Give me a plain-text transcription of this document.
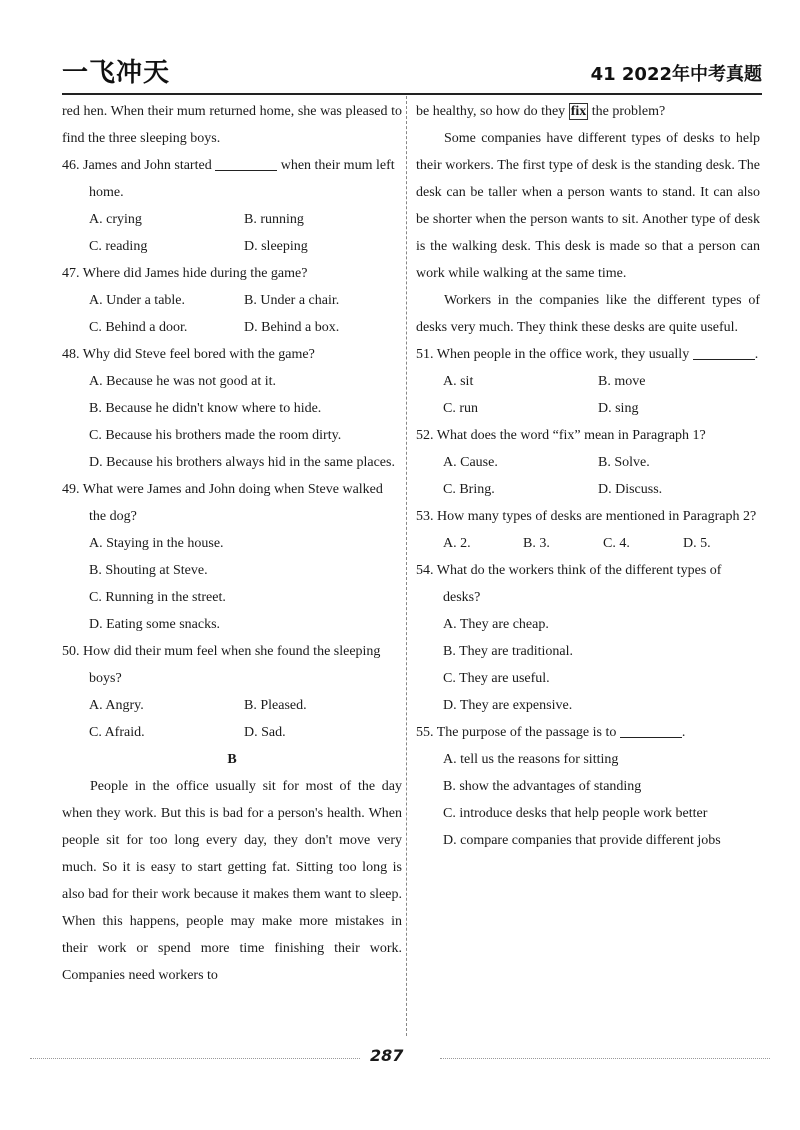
一飞冲天	41 2022年中考真题

red hen. When their mum returned home, she was pleased to find the three sleeping boys.

46. James and John started	when their mum left home.
A. crying	B. running
C. reading	D. sleeping
47. Where did James hide during the game?
A. Under a table.	B. Under a chair.
C. Behind a door.	D. Behind a box.
48. Why did Steve feel bored with the game?
A. Because he was not good at it.
B. Because he didn't know where to hide.
C. Because his brothers made the room dirty.
D. Because his brothers always hid in the same places.
49. What were James and John doing when Steve walked the dog?
A. Staying in the house.
B. Shouting at Steve.
C. Running in the street.
D. Eating some snacks.
50. How did their mum feel when she found the sleeping boys?
A. Angry.	B. Pleased.
C. Afraid.	D. Sad.

B

People in the office usually sit for most of the day when they work. But this is bad for a person's health. When people sit for too long every day, they don't move very much. So it is easy to start getting fat. Sitting too long is also bad for their work because it makes them want to sleep. When this happens, people may make more mistakes in their work or spend more time finishing their work. Companies need workers to

be healthy, so how do they fix the problem?

Some companies have different types of desks to help their workers. The first type of desk is the standing desk. The desk can be taller when a person wants to stand. It can also be shorter when the person wants to sit. Another type of desk is the walking desk. This desk is made so that a person can work while walking at the same time.

Workers in the companies like the different types of desks very much. They think these desks are quite useful.

51. When people in the office work, they usually	.
A. sit	B. move
C. run	D. sing
52. What does the word “fix” mean in Paragraph 1?
A. Cause.	B. Solve.
C. Bring.	D. Discuss.
53. How many types of desks are mentioned in Paragraph 2?
A. 2.	B. 3.	C. 4.	D. 5.
54. What do the workers think of the different types of desks?
A. They are cheap.
B. They are traditional.
C. They are useful.
D. They are expensive.
55. The purpose of the passage is to	.
A. tell us the reasons for sitting
B. show the advantages of standing
C. introduce desks that help people work better
D. compare companies that provide different jobs
287
